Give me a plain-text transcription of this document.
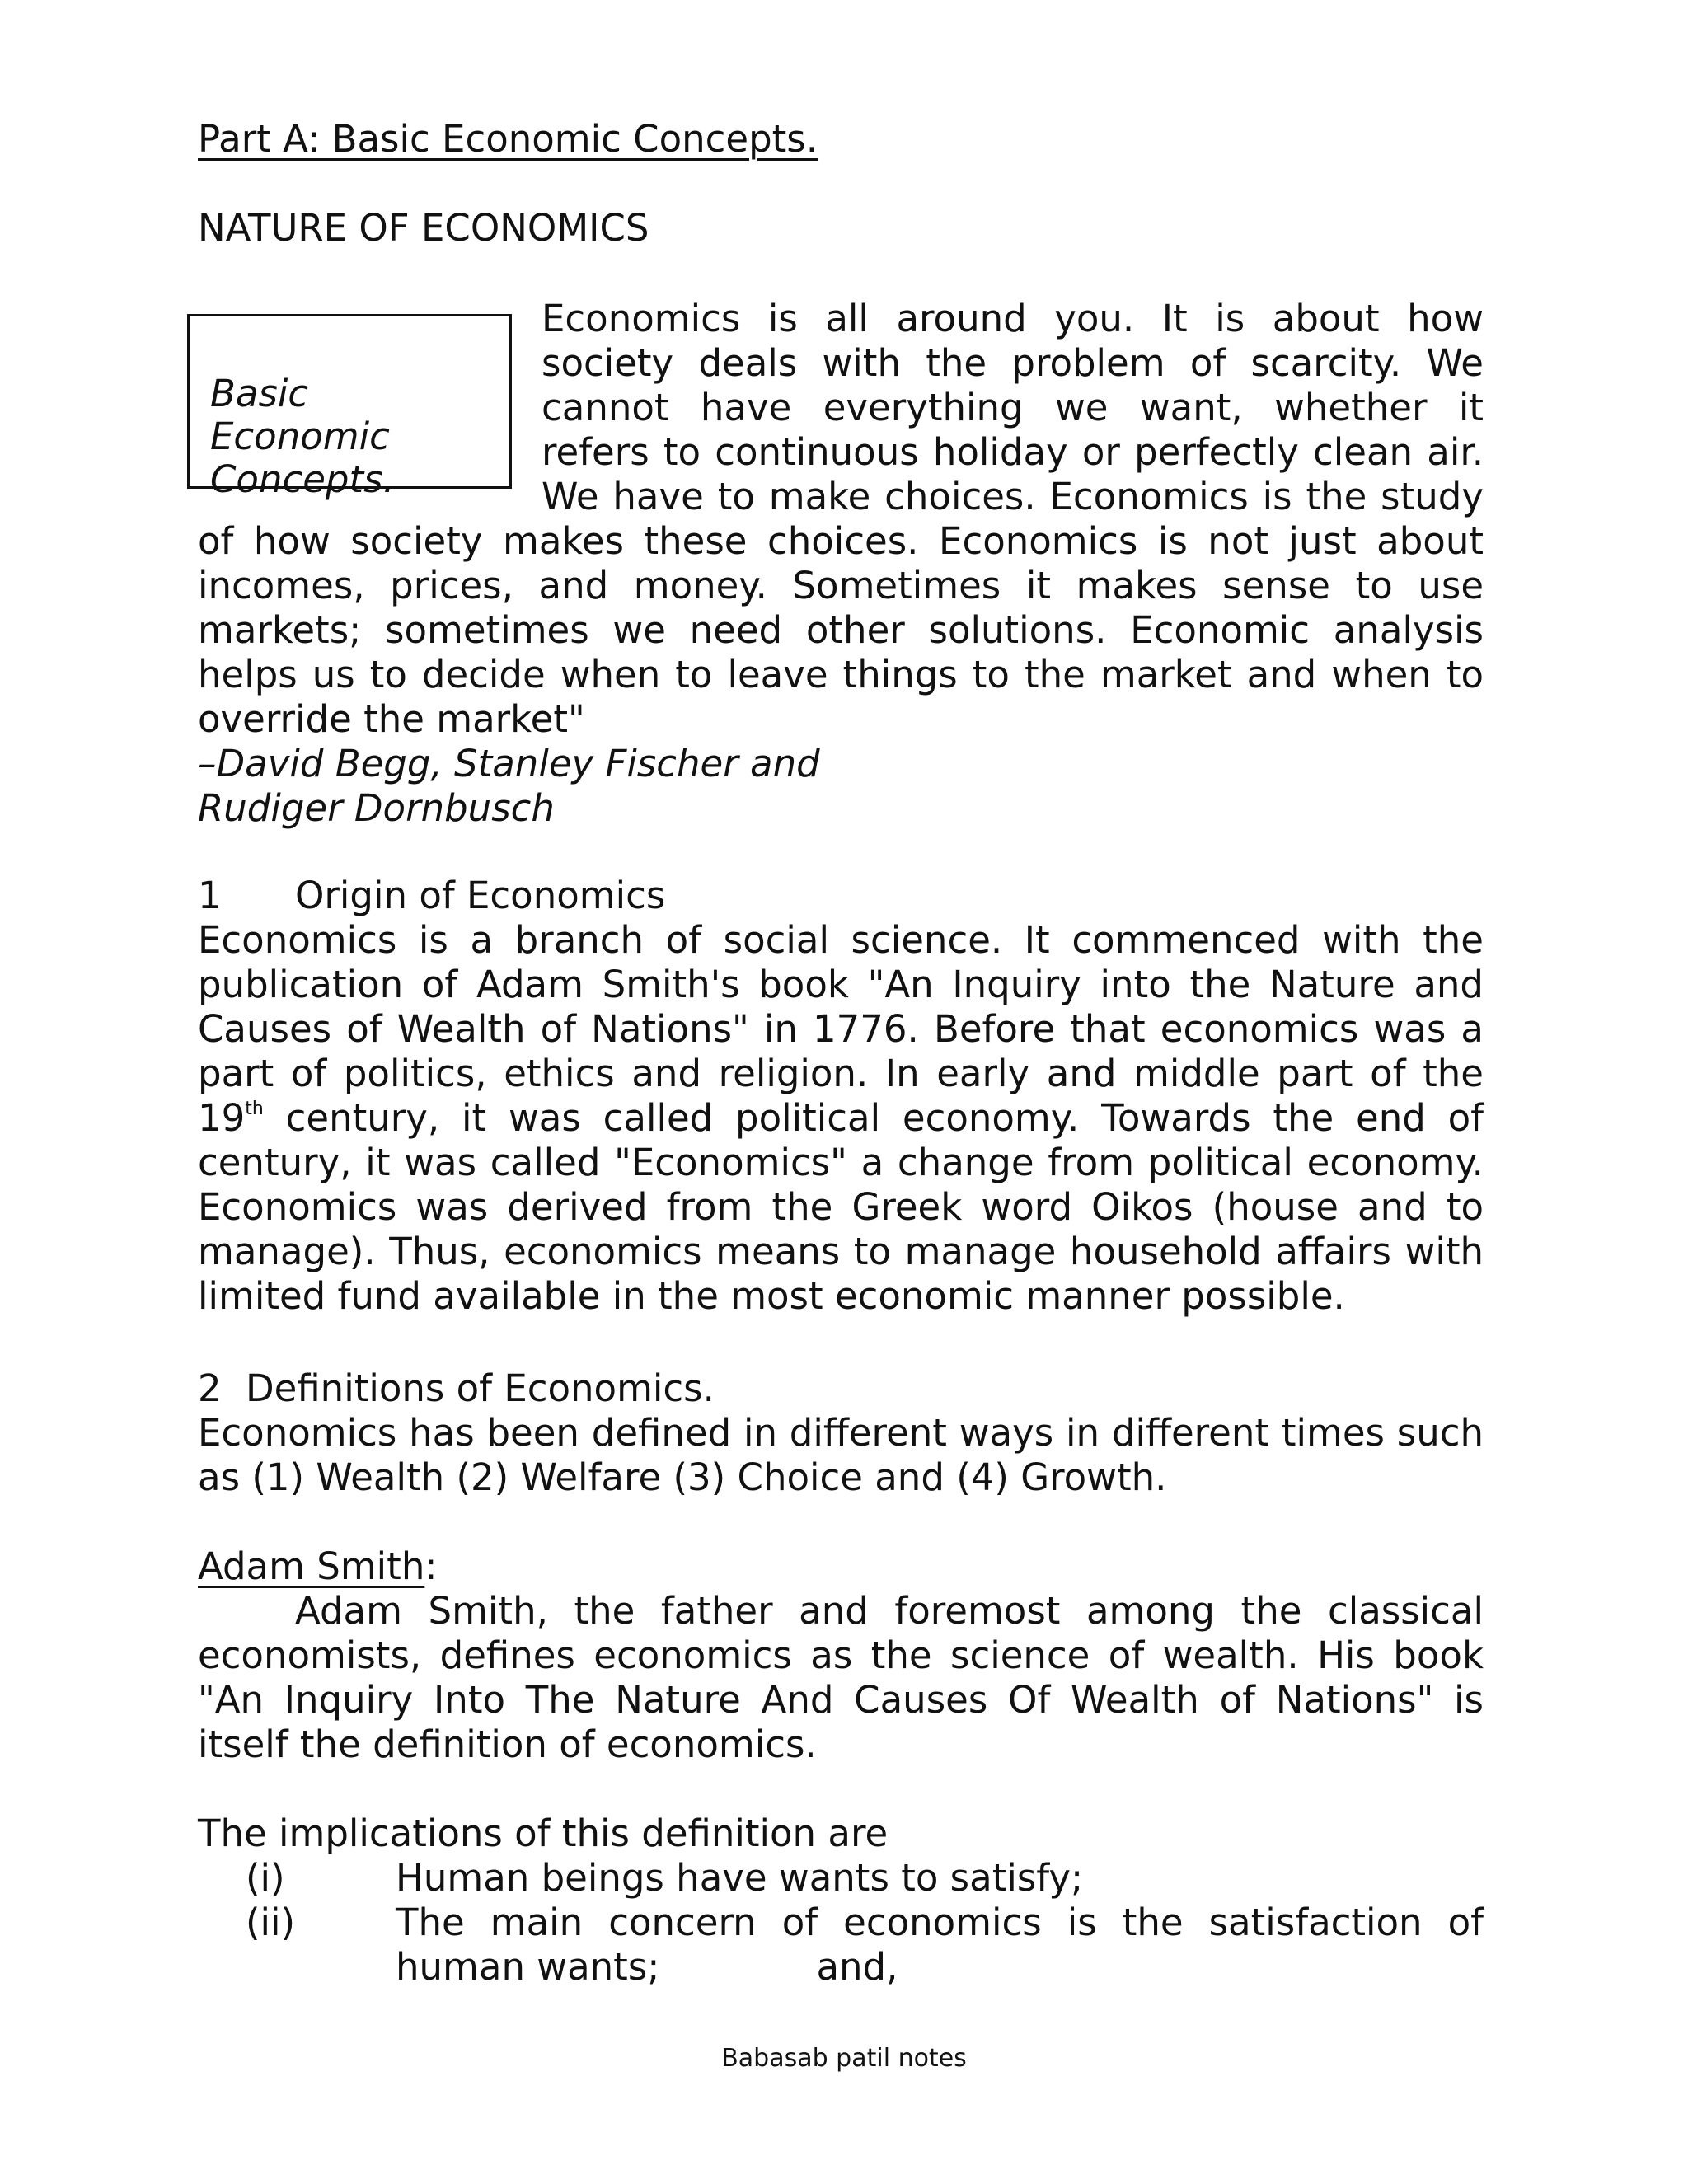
Part A: Basic Economic Concepts.
NATURE OF ECONOMICS
Basic
Economic
Concepts.

Economics is all around you. It is about how society deals with the problem of scarcity. We cannot have everything we want, whether it refers to continuous holiday or perfectly clean air. We have to make choices. Economics is the study of how society makes these choices. Economics is not just about incomes, prices, and money. Sometimes it makes sense to use markets; sometimes we need other solutions. Economic analysis helps us to decide when to leave things to the market and when to override the market"

–David Begg, Stanley Fischer and
Rudiger Dornbusch

1 Origin of Economics

Economics is a branch of social science. It commenced with the publication of Adam Smith's book "An Inquiry into the Nature and Causes of Wealth of Nations" in 1776. Before that economics was a part of politics, ethics and religion. In early and middle part of the 19th century, it was called political economy. Towards the end of century, it was called "Economics" a change from political economy. Economics was derived from the Greek word Oikos (house and to manage). Thus, economics means to manage household affairs with limited fund available in the most economic manner possible.

2 Definitions of Economics.

Economics has been defined in different ways in different times such as (1) Wealth (2) Welfare (3) Choice and (4) Growth.

Adam Smith:

Adam Smith, the father and foremost among the classical economists, defines economics as the science of wealth. His book "An Inquiry Into The Nature And Causes Of Wealth of Nations" is itself the definition of economics.

The implications of this definition are

(i)	Human beings have wants to satisfy;
(ii)	The main concern of economics is the satisfaction of human wants;	and,
Babasab patil notes
